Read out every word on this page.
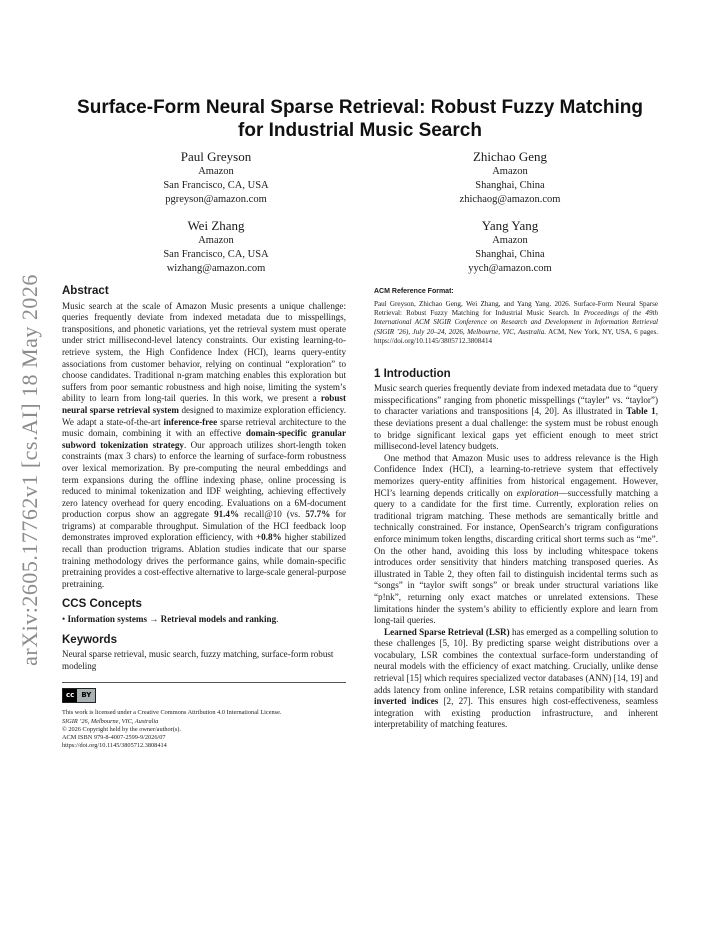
arXiv:2605.17762v1 [cs.AI] 18 May 2026
Surface-Form Neural Sparse Retrieval: Robust Fuzzy Matching for Industrial Music Search
Paul Greyson
Amazon
San Francisco, CA, USA
pgreyson@amazon.com
Zhichao Geng
Amazon
Shanghai, China
zhichaog@amazon.com
Wei Zhang
Amazon
San Francisco, CA, USA
wizhang@amazon.com
Yang Yang
Amazon
Shanghai, China
yych@amazon.com
Abstract

Music search at the scale of Amazon Music presents a unique challenge: queries frequently deviate from indexed metadata due to misspellings, transpositions, and phonetic variations, yet the retrieval system must operate under strict millisecond-level latency constraints. Our existing learning-to-retrieve system, the High Confidence Index (HCI), learns query-entity associations from customer behavior, relying on continual “exploration” to choose candidates. Traditional n-gram matching enables this exploration but suffers from poor semantic robustness and high noise, limiting the system’s ability to learn from long-tail queries. In this work, we present a robust neural sparse retrieval system designed to maximize exploration efficiency. We adapt a state-of-the-art inference-free sparse retrieval architecture to the music domain, combining it with an effective domain-specific granular subword tokenization strategy. Our approach utilizes short-length token constraints (max 3 chars) to enforce the learning of surface-form robustness over lexical memorization. By pre-computing the neural embeddings and term expansions during the offline indexing phase, online processing is reduced to minimal tokenization and IDF weighting, achieving effectively zero latency overhead for query encoding. Evaluations on a 6M-document production corpus show an aggregate 91.4% recall@10 (vs. 57.7% for trigrams) at comparable throughput. Simulation of the HCI feedback loop demonstrates improved exploration efficiency, with +0.8% higher stabilized recall than production trigrams. Ablation studies indicate that our sparse training methodology drives the performance gains, while domain-specific pretraining provides a cost-effective alternative to large-scale general-purpose pretraining.

CCS Concepts

• Information systems → Retrieval models and ranking.

Keywords

Neural sparse retrieval, music search, fuzzy matching, surface-form robust modeling

cc	BY
This work is licensed under a Creative Commons Attribution 4.0 International License.
SIGIR ’26, Melbourne, VIC, Australia
© 2026 Copyright held by the owner/author(s).
ACM ISBN 979-8-4007-2599-9/2026/07
https://doi.org/10.1145/3805712.3808414
ACM Reference Format:

Paul Greyson, Zhichao Geng, Wei Zhang, and Yang Yang. 2026. Surface-Form Neural Sparse Retrieval: Robust Fuzzy Matching for Industrial Music Search. In Proceedings of the 49th International ACM SIGIR Conference on Research and Development in Information Retrieval (SIGIR ’26), July 20–24, 2026, Melbourne, VIC, Australia. ACM, New York, NY, USA, 6 pages. https://doi.org/10.1145/3805712.3808414

1 Introduction

Music search queries frequently deviate from indexed metadata due to “query misspecifications” ranging from phonetic misspellings (“tayler” vs. “taylor”) to character variations and transpositions [4, 20]. As illustrated in Table 1, these deviations present a dual challenge: the system must be robust enough to bridge significant lexical gaps yet efficient enough to meet strict millisecond-level latency budgets.

One method that Amazon Music uses to address relevance is the High Confidence Index (HCI), a learning-to-retrieve system that effectively memorizes query-entity affinities from historical engagement. However, HCI’s learning depends critically on exploration—successfully matching a query to a candidate for the first time. Currently, exploration relies on traditional trigram matching. These methods are semantically brittle and technically constrained. For instance, OpenSearch’s trigram configurations enforce minimum token lengths, discarding critical short terms such as “me”. On the other hand, avoiding this loss by including whitespace tokens introduces order sensitivity that hinders matching transposed queries. As illustrated in Table 2, they often fail to distinguish incidental terms such as “songs” in “taylor swift songs” or break under structural variations like “p!nk”, returning only exact matches or unrelated extensions. These limitations hinder the system’s ability to efficiently explore and learn from long-tail queries.

Learned Sparse Retrieval (LSR) has emerged as a compelling solution to these challenges [5, 10]. By predicting sparse weight distributions over a vocabulary, LSR combines the contextual surface-form understanding of neural models with the efficiency of exact matching. Crucially, unlike dense retrieval [15] which requires specialized vector databases (ANN) [14, 19] and adds latency from online inference, LSR retains compatibility with standard inverted indices [2, 27]. This ensures high cost-effectiveness, seamless integration with existing production infrastructure, and inherent interpretability of matching features.
